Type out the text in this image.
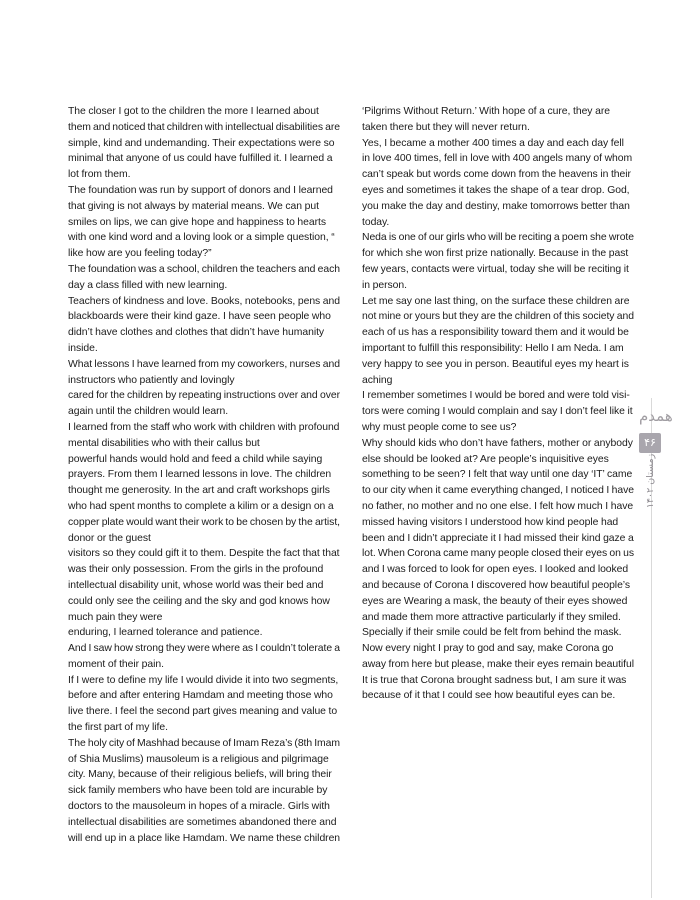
The closer I got to the children the more I learned about
them and noticed that children with intellectual disabilities are
simple, kind and undemanding. Their expectations were so
minimal that anyone of us could have fulfilled it. I learned a
lot from them.

The foundation was run by support of donors and I learned
that giving is not always by material means. We can put
smiles on lips, we can give hope and happiness to hearts
with one kind word and a loving look or a simple question, “
like how are you feeling today?”

The foundation was a school, children the teachers and each
day a class filled with new learning.

Teachers of kindness and love. Books, notebooks, pens and
blackboards were their kind gaze. I have seen people who
didn’t have clothes and clothes that didn’t have humanity
inside.

What lessons I have learned from my coworkers, nurses and
instructors who patiently and lovingly

cared for the children by repeating instructions over and over
again until the children would learn.

I learned from the staff who work with children with profound
mental disabilities who with their callus but

powerful hands would hold and feed a child while saying
prayers. From them I learned lessons in love. The children
thought me generosity. In the art and craft workshops girls
who had spent months to complete a kilim or a design on a
copper plate would want their work to be chosen by the artist,
donor or the guest

visitors so they could gift it to them. Despite the fact that that
was their only possession. From the girls in the profound
intellectual disability unit, whose world was their bed and
could only see the ceiling and the sky and god knows how
much pain they were

enduring, I learned tolerance and patience.

And I saw how strong they were where as I couldn’t tolerate a
moment of their pain.

If I were to define my life I would divide it into two segments,
before and after entering Hamdam and meeting those who
live there. I feel the second part gives meaning and value to
the first part of my life.

The holy city of Mashhad because of Imam Reza’s (8th Imam
of Shia Muslims) mausoleum is a religious and pilgrimage
city. Many, because of their religious beliefs, will bring their
sick family members who have been told are incurable by
doctors to the mausoleum in hopes of a miracle. Girls with
intellectual disabilities are sometimes abandoned there and
will end up in a place like Hamdam. We name these children

‘Pilgrims Without Return.’ With hope of a cure, they are
taken there but they will never return.

Yes, I became a mother 400 times a day and each day fell
in love 400 times, fell in love with 400 angels many of whom
can’t speak but words come down from the heavens in their
eyes and sometimes it takes the shape of a tear drop. God,
you make the day and destiny, make tomorrows better than
today.

Neda is one of our girls who will be reciting a poem she wrote
for which she won first prize nationally. Because in the past
few years, contacts were virtual, today she will be reciting it
in person.

Let me say one last thing, on the surface these children are
not mine or yours but they are the children of this society and
each of us has a responsibility toward them and it would be
important to fulfill this responsibility: Hello I am Neda. I am
very happy to see you in person. Beautiful eyes my heart is
aching

I remember sometimes I would be bored and were told visi-
tors were coming I would complain and say I don’t feel like it
why must people come to see us?

Why should kids who don’t have fathers, mother or anybody
else should be looked at? Are people’s inquisitive eyes
something to be seen? I felt that way until one day ‘IT’ came
to our city when it came everything changed, I noticed I have
no father, no mother and no one else. I felt how much I have
missed having visitors I understood how kind people had
been and I didn’t appreciate it I had missed their kind gaze a
lot. When Corona came many people closed their eyes on us
and I was forced to look for open eyes. I looked and looked
and because of Corona I discovered how beautiful people’s
eyes are Wearing a mask, the beauty of their eyes showed
and made them more attractive particularly if they smiled.
Specially if their smile could be felt from behind the mask.
Now every night I pray to god and say, make Corona go
away from here but please, make their eyes remain beautiful
It is true that Corona brought sadness but, I am sure it was
because of it that I could see how beautiful eyes can be.

همدم
۴۶
زمستان ۱۴۰۲
